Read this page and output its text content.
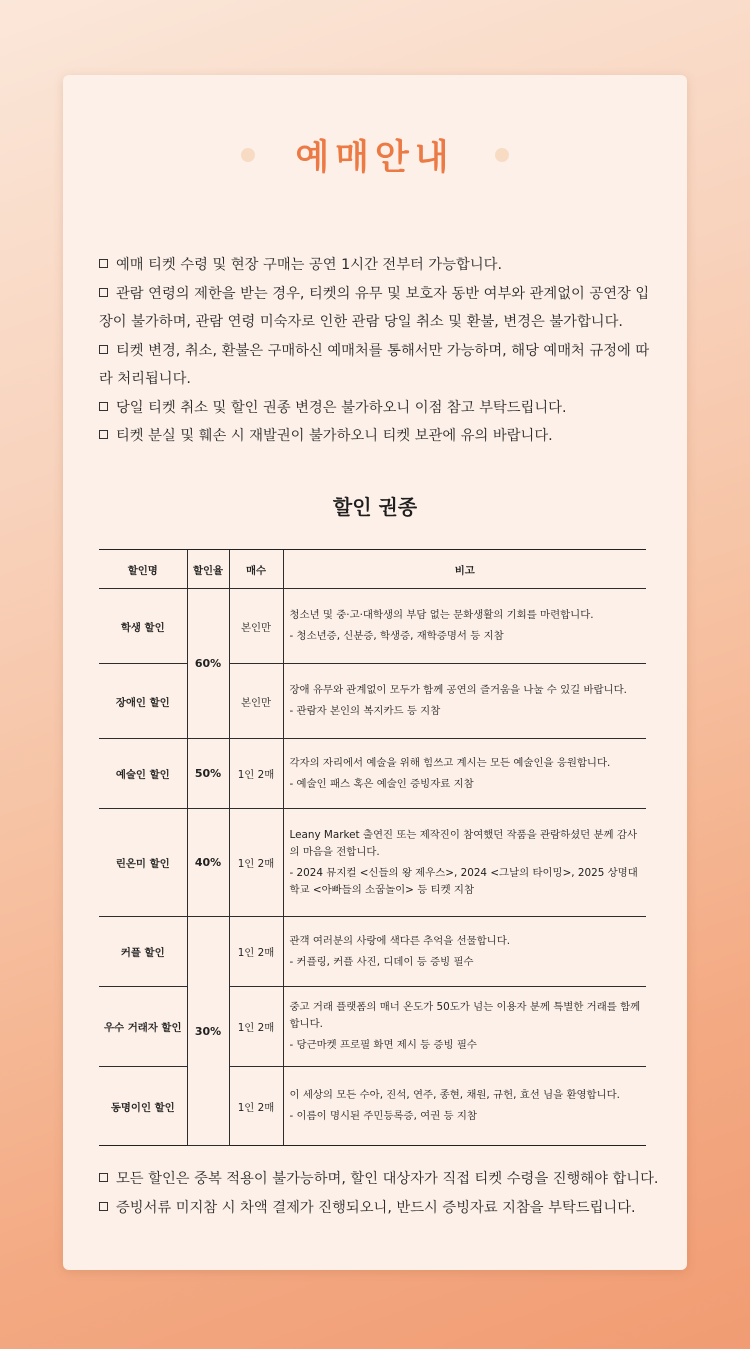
예매안내

예매 티켓 수령 및 현장 구매는 공연 1시간 전부터 가능합니다.

관람 연령의 제한을 받는 경우, 티켓의 유무 및 보호자 동반 여부와 관계없이 공연장 입장이 불가하며, 관람 연령 미숙자로 인한 관람 당일 취소 및 환불, 변경은 불가합니다.

티켓 변경, 취소, 환불은 구매하신 예매처를 통해서만 가능하며, 해당 예매처 규정에 따라 처리됩니다.

당일 티켓 취소 및 할인 권종 변경은 불가하오니 이점 참고 부탁드립니다.

티켓 분실 및 훼손 시 재발권이 불가하오니 티켓 보관에 유의 바랍니다.

할인 권종
할인명	할인율	매수	비고
학생 할인	60%	본인만	청소년 및 중·고·대학생의 부담 없는 문화생활의 기회를 마련합니다.

- 청소년증, 신분증, 학생증, 재학증명서 등 지참

장애인 할인		본인만	장애 유무와 관계없이 모두가 함께 공연의 즐거움을 나눌 수 있길 바랍니다.

- 관람자 본인의 복지카드 등 지참

예술인 할인	50%	1인 2매	각자의 자리에서 예술을 위해 힘쓰고 계시는 모든 예술인을 응원합니다.

- 예술인 패스 혹은 예술인 증빙자료 지참

린온미 할인	40%	1인 2매	Leany Market 출연진 또는 제작진이 참여했던 작품을 관람하셨던 분께 감사의 마음을 전합니다.

- 2024 뮤지컬 <신들의 왕 제우스>, 2024 <그날의 타이밍>, 2025 상명대학교 <아빠들의 소꿉놀이> 등 티켓 지참

커플 할인	30%	1인 2매	관객 여러분의 사랑에 색다른 추억을 선물합니다.

- 커플링, 커플 사진, 디데이 등 증빙 필수

우수 거래자 할인		1인 2매	중고 거래 플랫폼의 매너 온도가 50도가 넘는 이용자 분께 특별한 거래를 함께합니다.

- 당근마켓 프로필 화면 제시 등 증빙 필수

동명이인 할인		1인 2매	이 세상의 모든 수아, 진석, 연주, 종현, 채원, 규헌, 효선 님을 환영합니다.

- 이름이 명시된 주민등록증, 여권 등 지참

모든 할인은 중복 적용이 불가능하며, 할인 대상자가 직접 티켓 수령을 진행해야 합니다.

증빙서류 미지참 시 차액 결제가 진행되오니, 반드시 증빙자료 지참을 부탁드립니다.
